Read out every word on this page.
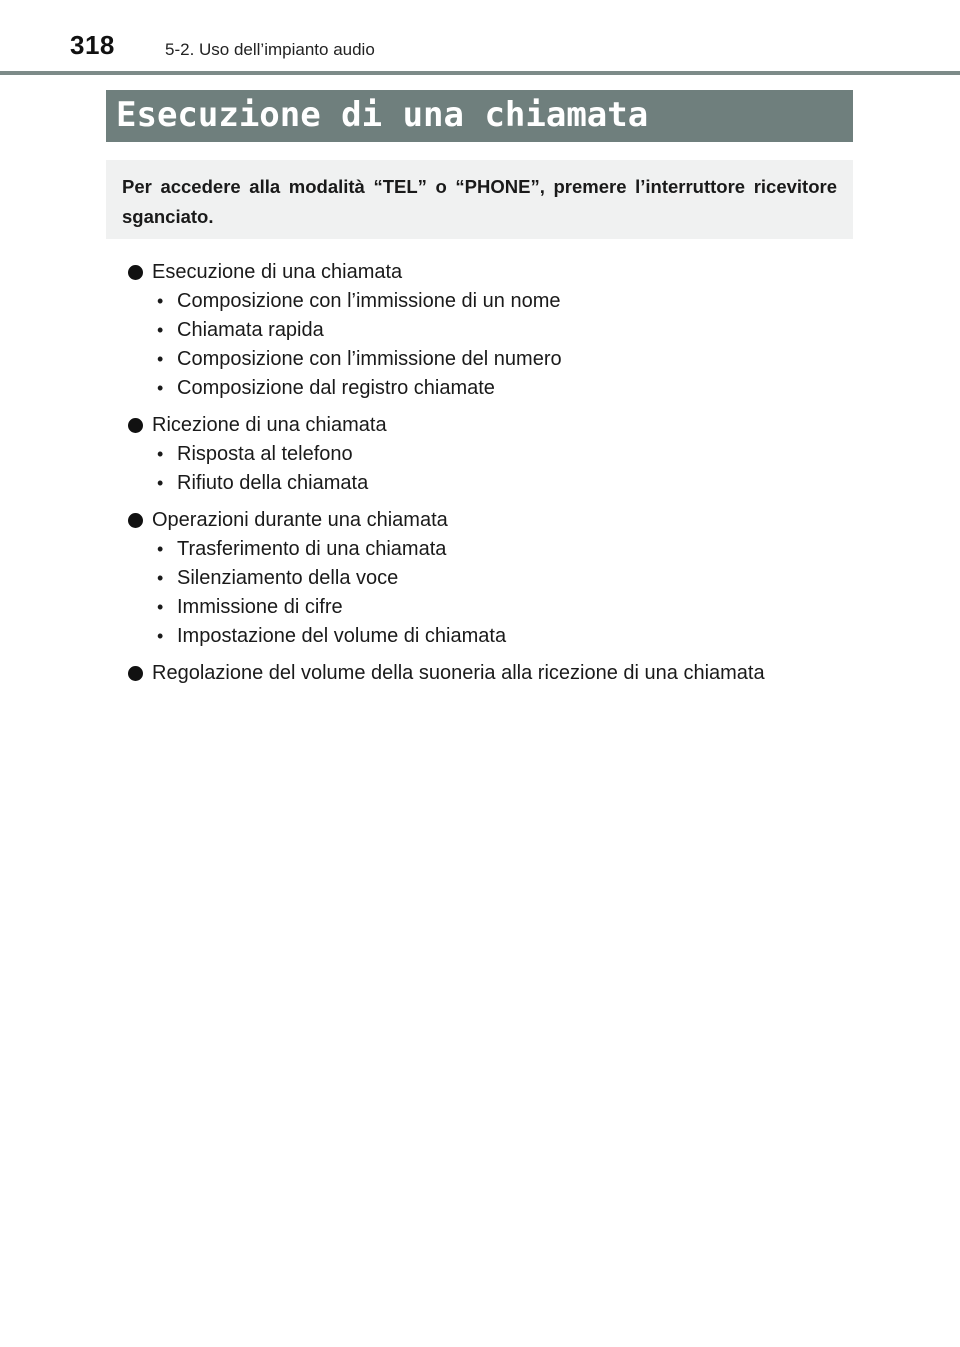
318	5-2. Uso dell’impianto audio
Esecuzione di una chiamata
Per accedere alla modalità “TEL” o “PHONE”, premere l’interruttore ricevitore sganciato.
Esecuzione di una chiamata
• Composizione con l’immissione di un nome
• Chiamata rapida
• Composizione con l’immissione del numero
• Composizione dal registro chiamate
Ricezione di una chiamata
• Risposta al telefono
• Rifiuto della chiamata
Operazioni durante una chiamata
• Trasferimento di una chiamata
• Silenziamento della voce
• Immissione di cifre
• Impostazione del volume di chiamata
Regolazione del volume della suoneria alla ricezione di una chiamata
